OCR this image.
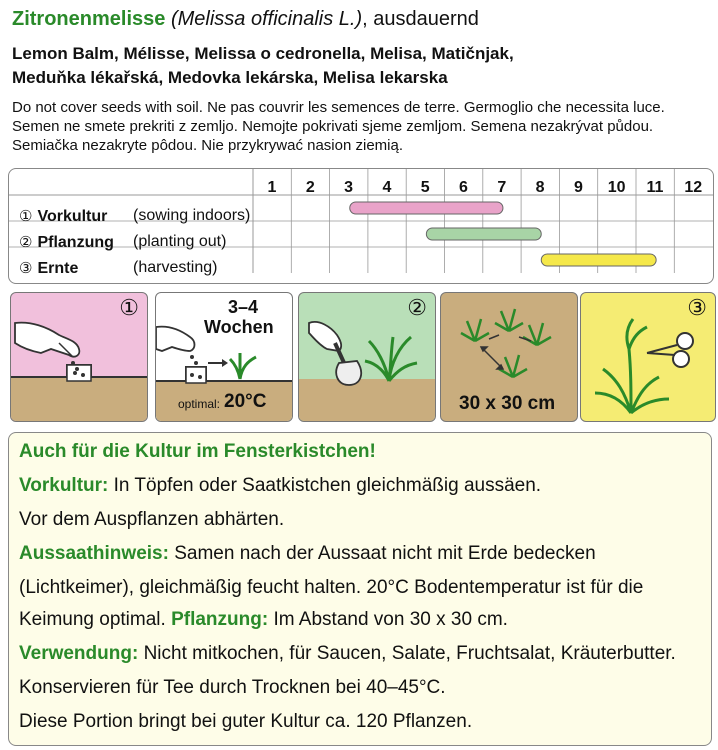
Zitronenmelisse (Melissa officinalis L.), ausdauernd
Lemon Balm, Mélisse, Melissa o cedronella, Melisa, Matičnjak,
Meduňka lékařská, Medovka lekárska, Melisa lekarska
Do not cover seeds with soil. Ne pas couvrir les semences de terre. Germoglio che necessita luce.
Semen ne smete prekriti z zemljo. Nemojte pokrivati sjeme zemljom. Semena nezakrývat půdou.
Semiačka nezakryte pôdou. Nie przykrywać nasion ziemią.
1	2	3	4	5	6	7	8	9	10	11	12
① Vorkultur (sowing indoors)
② Pflanzung (planting out)
③ Ernte	(harvesting)
①	3–4
Wochen
optimal: 20°C
②
30 x 30 cm
③
Auch für die Kultur im Fensterkistchen!
Vorkultur: In Töpfen oder Saatkistchen gleichmäßig aussäen.
Vor dem Auspflanzen abhärten.
Aussaathinweis: Samen nach der Aussaat nicht mit Erde bedecken
(Lichtkeimer), gleichmäßig feucht halten. 20°C Bodentemperatur ist für die
Keimung optimal. Pflanzung: Im Abstand von 30 x 30 cm.
Verwendung: Nicht mitkochen, für Saucen, Salate, Fruchtsalat, Kräuterbutter.
Konservieren für Tee durch Trocknen bei 40–45°C.
Diese Portion bringt bei guter Kultur ca. 120 Pflanzen.
